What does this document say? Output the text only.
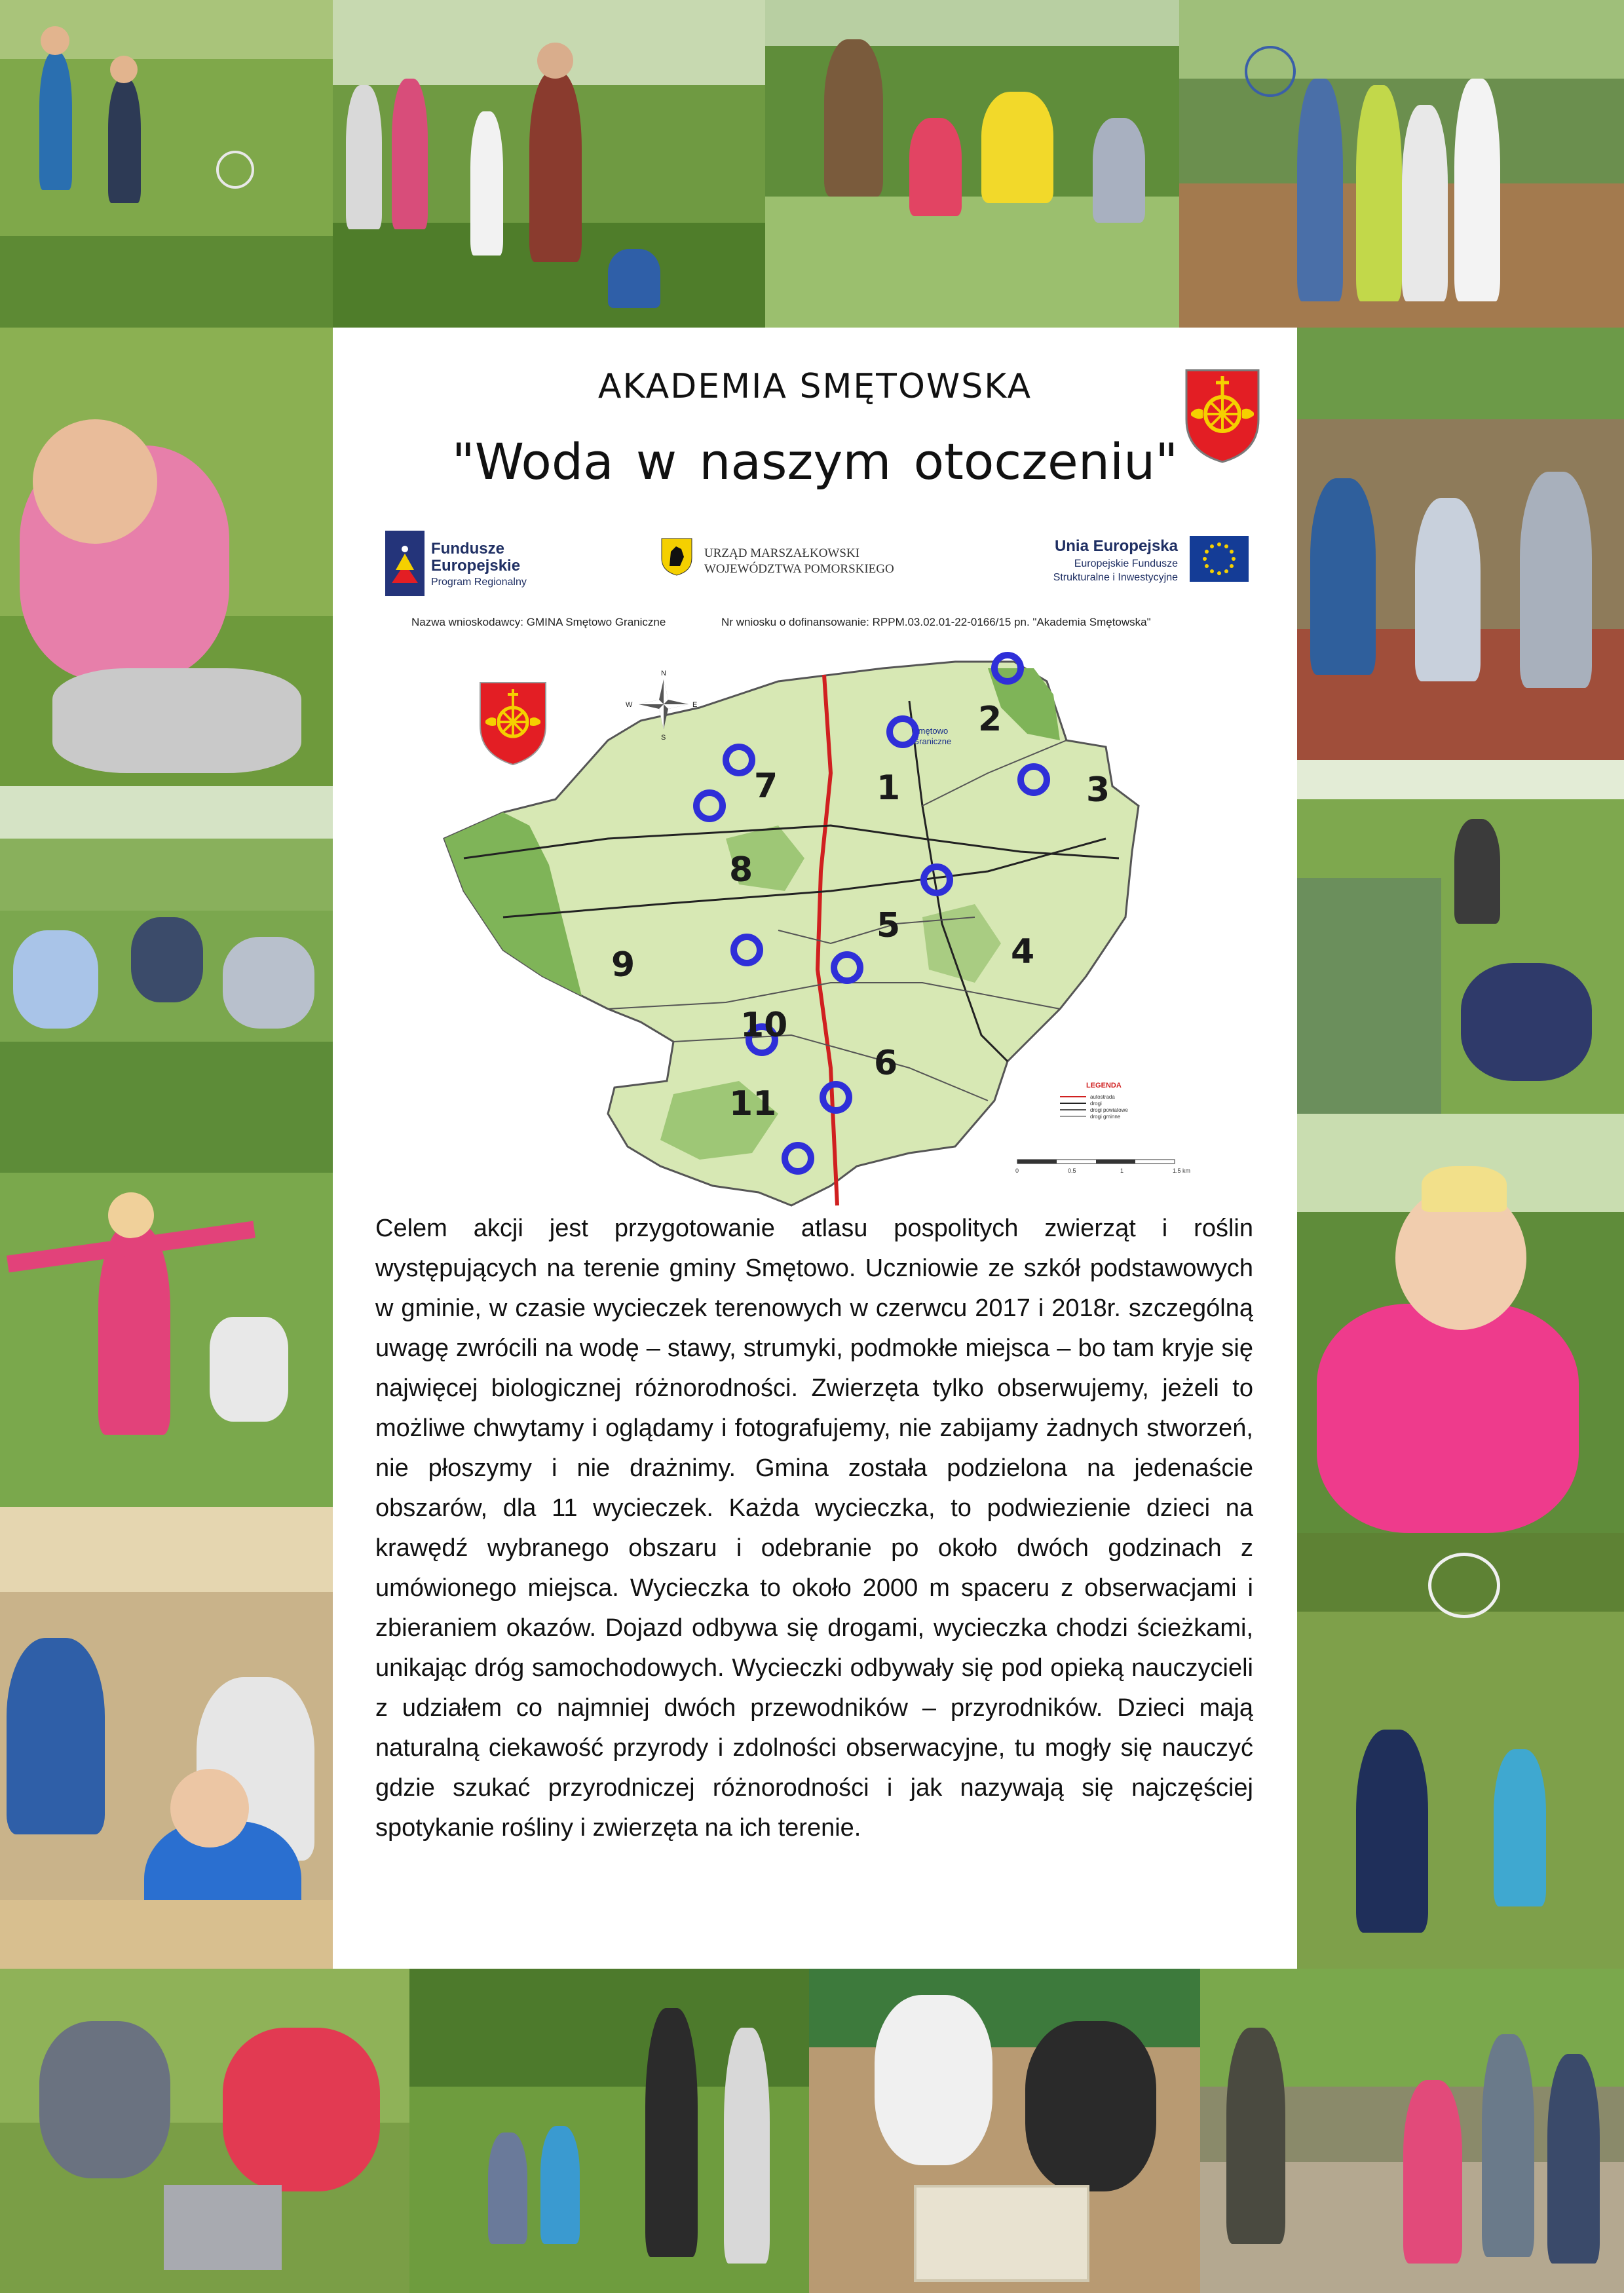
AKADEMIA SMĘTOWSKA
"Woda w naszym otoczeniu"
Fundusze
Europejskie
Program Regionalny
URZĄD MARSZAŁKOWSKI
WOJEWÓDZTWA POMORSKIEGO
Unia Europejska
Europejskie Fundusze
Strukturalne i Inwestycyjne
Nazwa wnioskodawcy: GMINA Smętowo Graniczne	Nr wniosku o dofinansowanie: RPPM.03.02.01-22-0166/15 pn. "Akademia Smętowska"
Smętowo
Graniczne
N
S
E
W
1
2
3
4
5
6
7
8
9
10
11	LEGENDA
autostrada
drogi
drogi powiatowe
drogi gminne
0	0.5	1	1.5 km
Celem akcji jest przygotowanie atlasu pospolitych zwierząt i roślin występujących na terenie gminy Smętowo. Uczniowie ze szkół podstawowych w gminie, w czasie wycieczek terenowych w czerwcu 2017 i 2018r. szczególną uwagę zwrócili na wodę – stawy, strumyki, podmokłe miejsca – bo tam kryje się najwięcej biologicznej różnorodności. Zwierzęta tylko obserwujemy, jeżeli to możliwe chwytamy i oglądamy i fotografujemy, nie zabijamy żadnych stworzeń, nie płoszymy i nie drażnimy. Gmina została podzielona na jedenaście obszarów, dla 11 wycieczek. Każda wycieczka, to podwiezienie dzieci na krawędź wybranego obszaru i odebranie po około dwóch godzinach z umówionego miejsca. Wycieczka to około 2000 m spaceru z obserwacjami i zbieraniem okazów. Dojazd odbywa się drogami, wycieczka chodzi ścieżkami, unikając dróg samochodowych. Wycieczki odbywały się pod opieką nauczycieli z udziałem co najmniej dwóch przewodników – przyrodników. Dzieci mają naturalną ciekawość przyrody i zdolności obserwacyjne, tu mogły się nauczyć gdzie szukać przyrodniczej różnorodności i jak nazywają się najczęściej spotykanie rośliny i zwierzęta na ich terenie.
